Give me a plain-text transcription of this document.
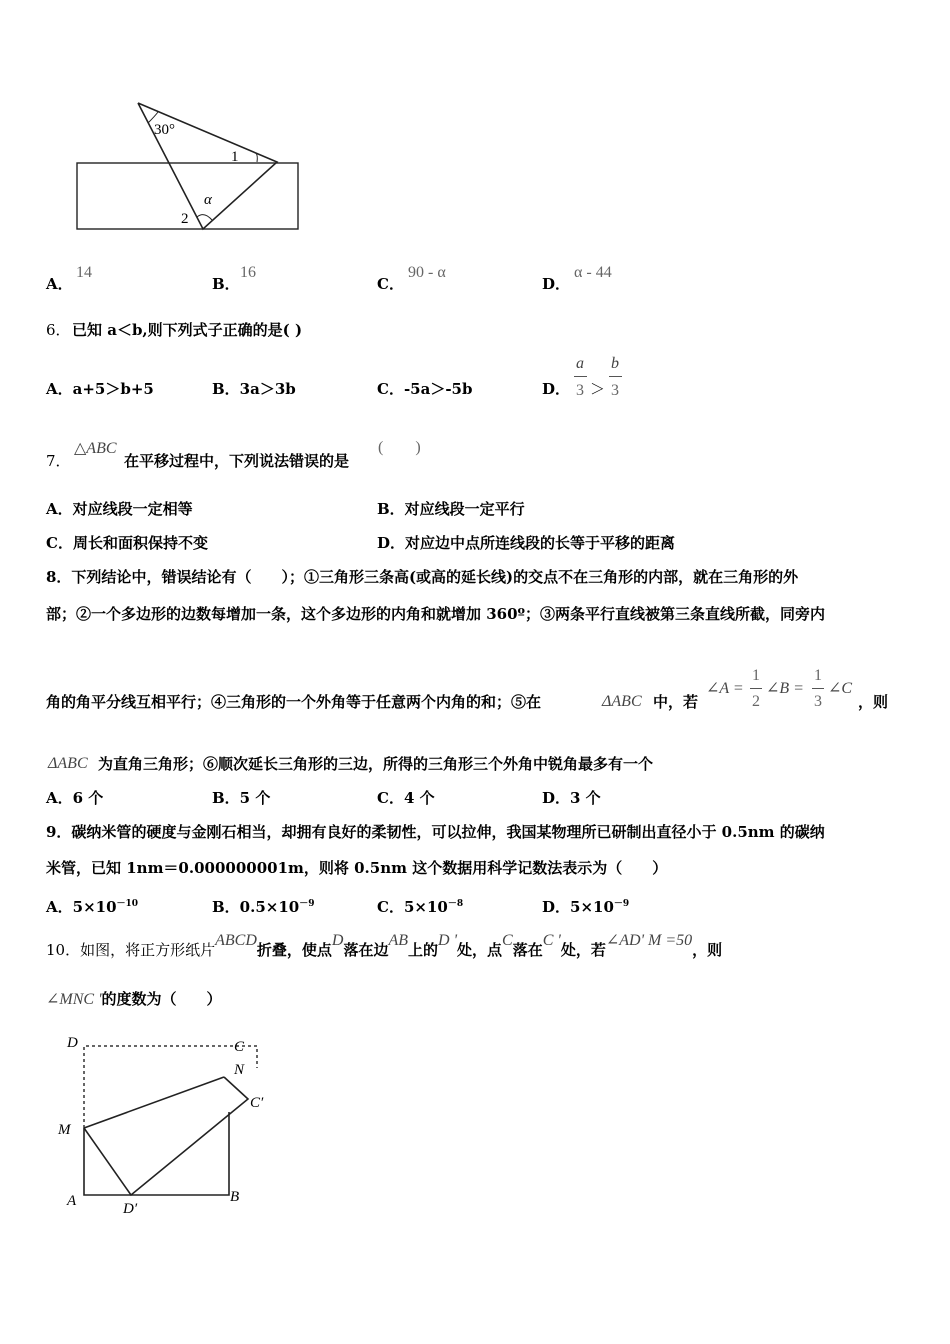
30°
1
2
α
A．
14
B．
16
C．
90 - α
D．
α - 44
6． 已知 a＜b,则下列式子正确的是( )
A．a+5＞b+5	B．3a＞3b	C．-5a＞-5b	D．
a
3 ＞
b
3
7．
△ABC
在平移过程中，下列说法错误的是
(　　)
A．对应线段一定相等	B．对应线段一定平行
C．周长和面积保持不变	D．对应边中点所连线段的长等于平移的距离
8．下列结论中，错误结论有（　　）；①三角形三条高(或高的延长线)的交点不在三角形的内部，就在三角形的外
部；②一个多边形的边数每增加一条，这个多边形的内角和就增加 360º；③两条平行直线被第三条直线所截，同旁内
角的角平分线互相平行；④三角形的一个外角等于任意两个内角的和；⑤在	ΔABC 中，若
∠A =
1
2
∠B =
1
3
∠C
，则
ΔABC 为直角三角形；⑥顺次延长三角形的三边，所得的三角形三个外角中锐角最多有一个
A．6 个	B．5 个	C．4 个	D．3 个
9．碳纳米管的硬度与金刚石相当，却拥有良好的柔韧性，可以拉伸，我国某物理所已研制出直径小于 0.5nm 的碳纳
米管，已知 1nm＝0.000000001m，则将 0.5nm 这个数据用科学记数法表示为（　　）
A．$5\times 10^{-10}$	B．$0.5\times 10^{-9}$	C．$5\times 10^{-8}$	D．$5\times 10^{-9}$
10．如图，将正方形纸片ABCD折叠，使点D落在边AB上的D '处，点C落在C '处，若∠AD' M =50，则
∠MNC '的度数为（　　）
D	C
N
C′
M
A	D′
B
